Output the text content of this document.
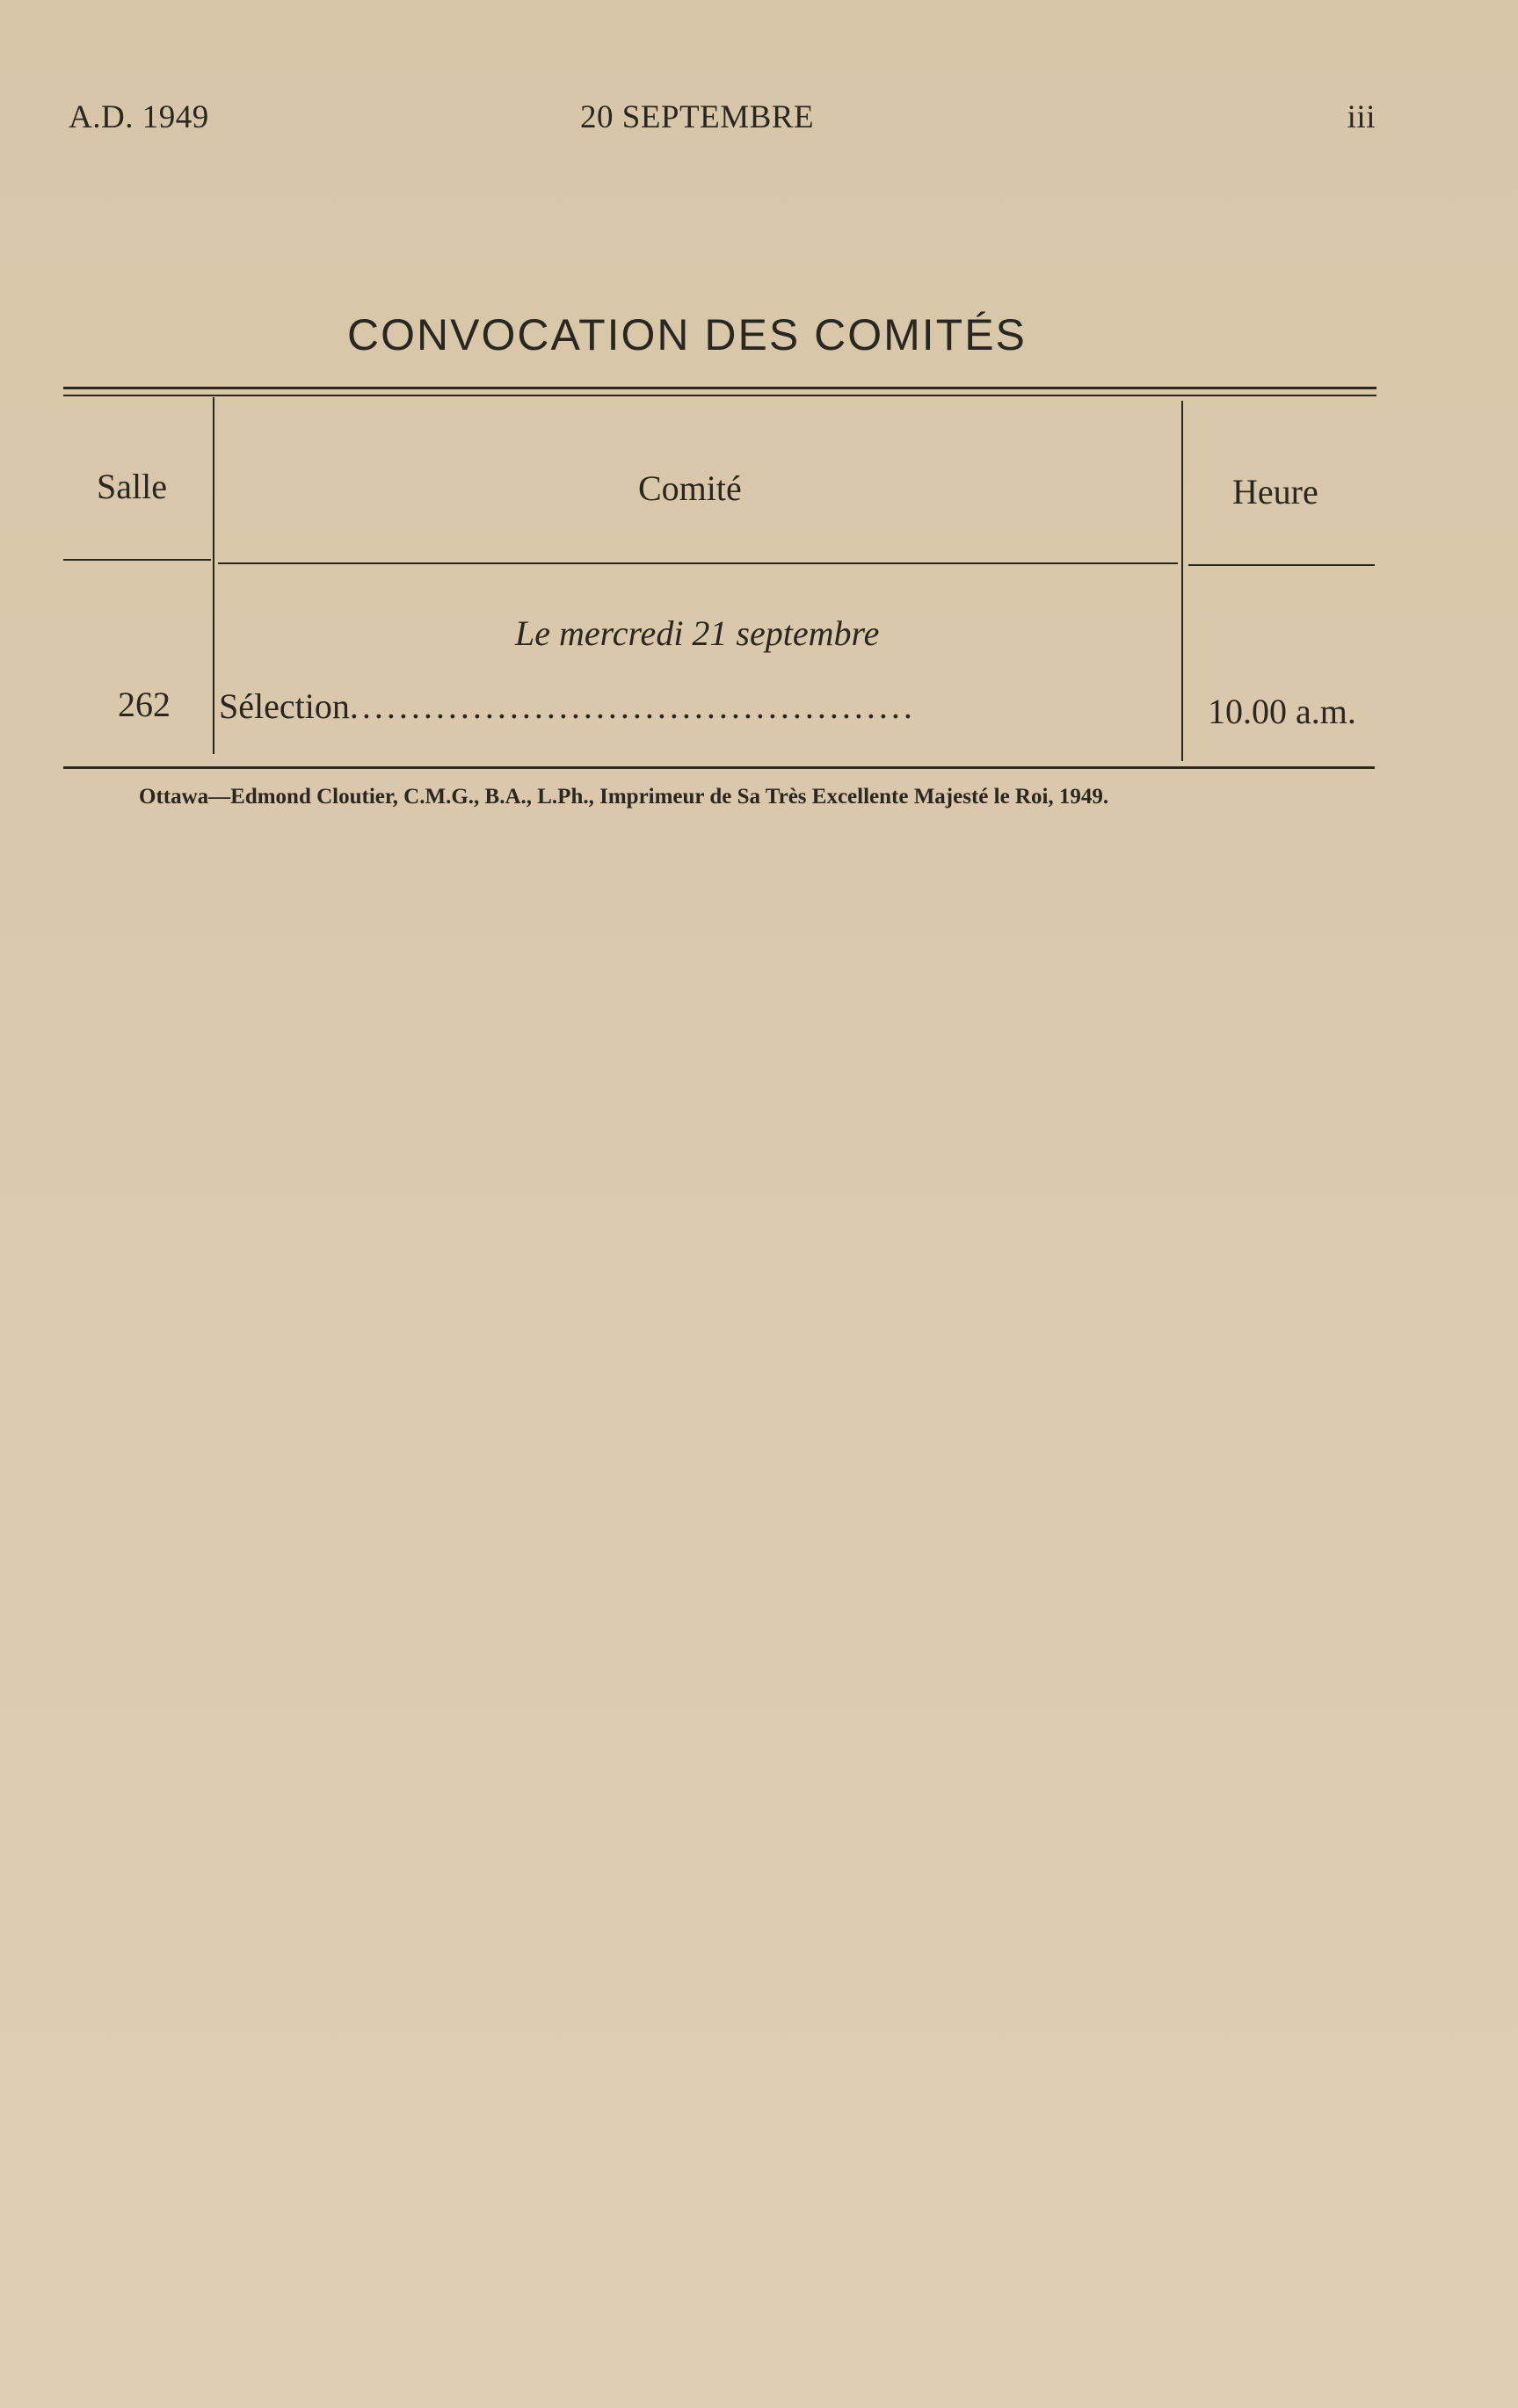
A.D. 1949	20 SEPTEMBRE	iii
CONVOCATION DES COMITÉS
Salle	Comité	Heure
Le mercredi 21 septembre
262 Sélection..............................................	10.00 a.m.
Ottawa—Edmond Cloutier, C.M.G., B.A., L.Ph., Imprimeur de Sa Très Excellente Majesté le Roi, 1949.
